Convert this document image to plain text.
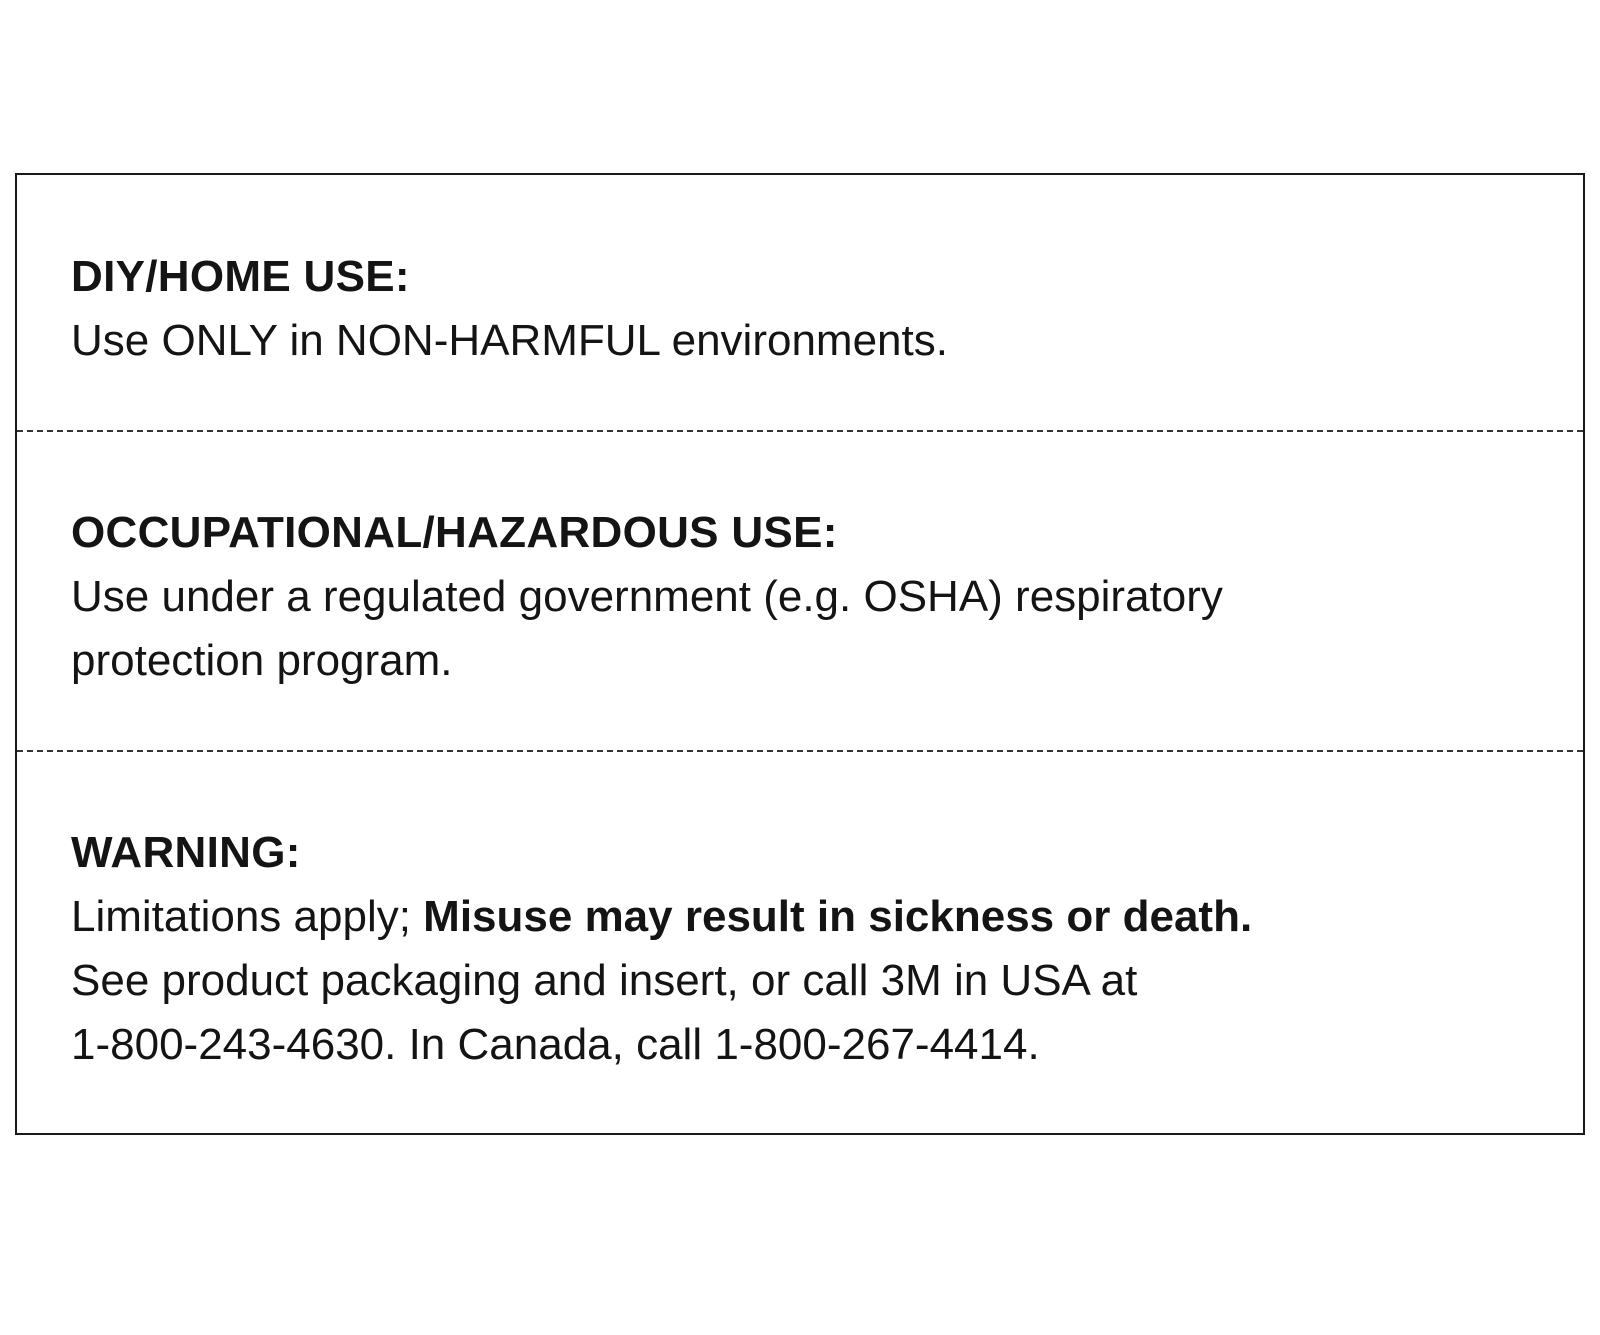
DIY/HOME USE:

Use ONLY in NON-HARMFUL environments.

OCCUPATIONAL/HAZARDOUS USE:

Use under a regulated government (e.g. OSHA) respiratory

protection program.

WARNING:

Limitations apply; Misuse may result in sickness or death.

See product packaging and insert, or call 3M in USA at

1-800-243-4630. In Canada, call 1-800-267-4414.
